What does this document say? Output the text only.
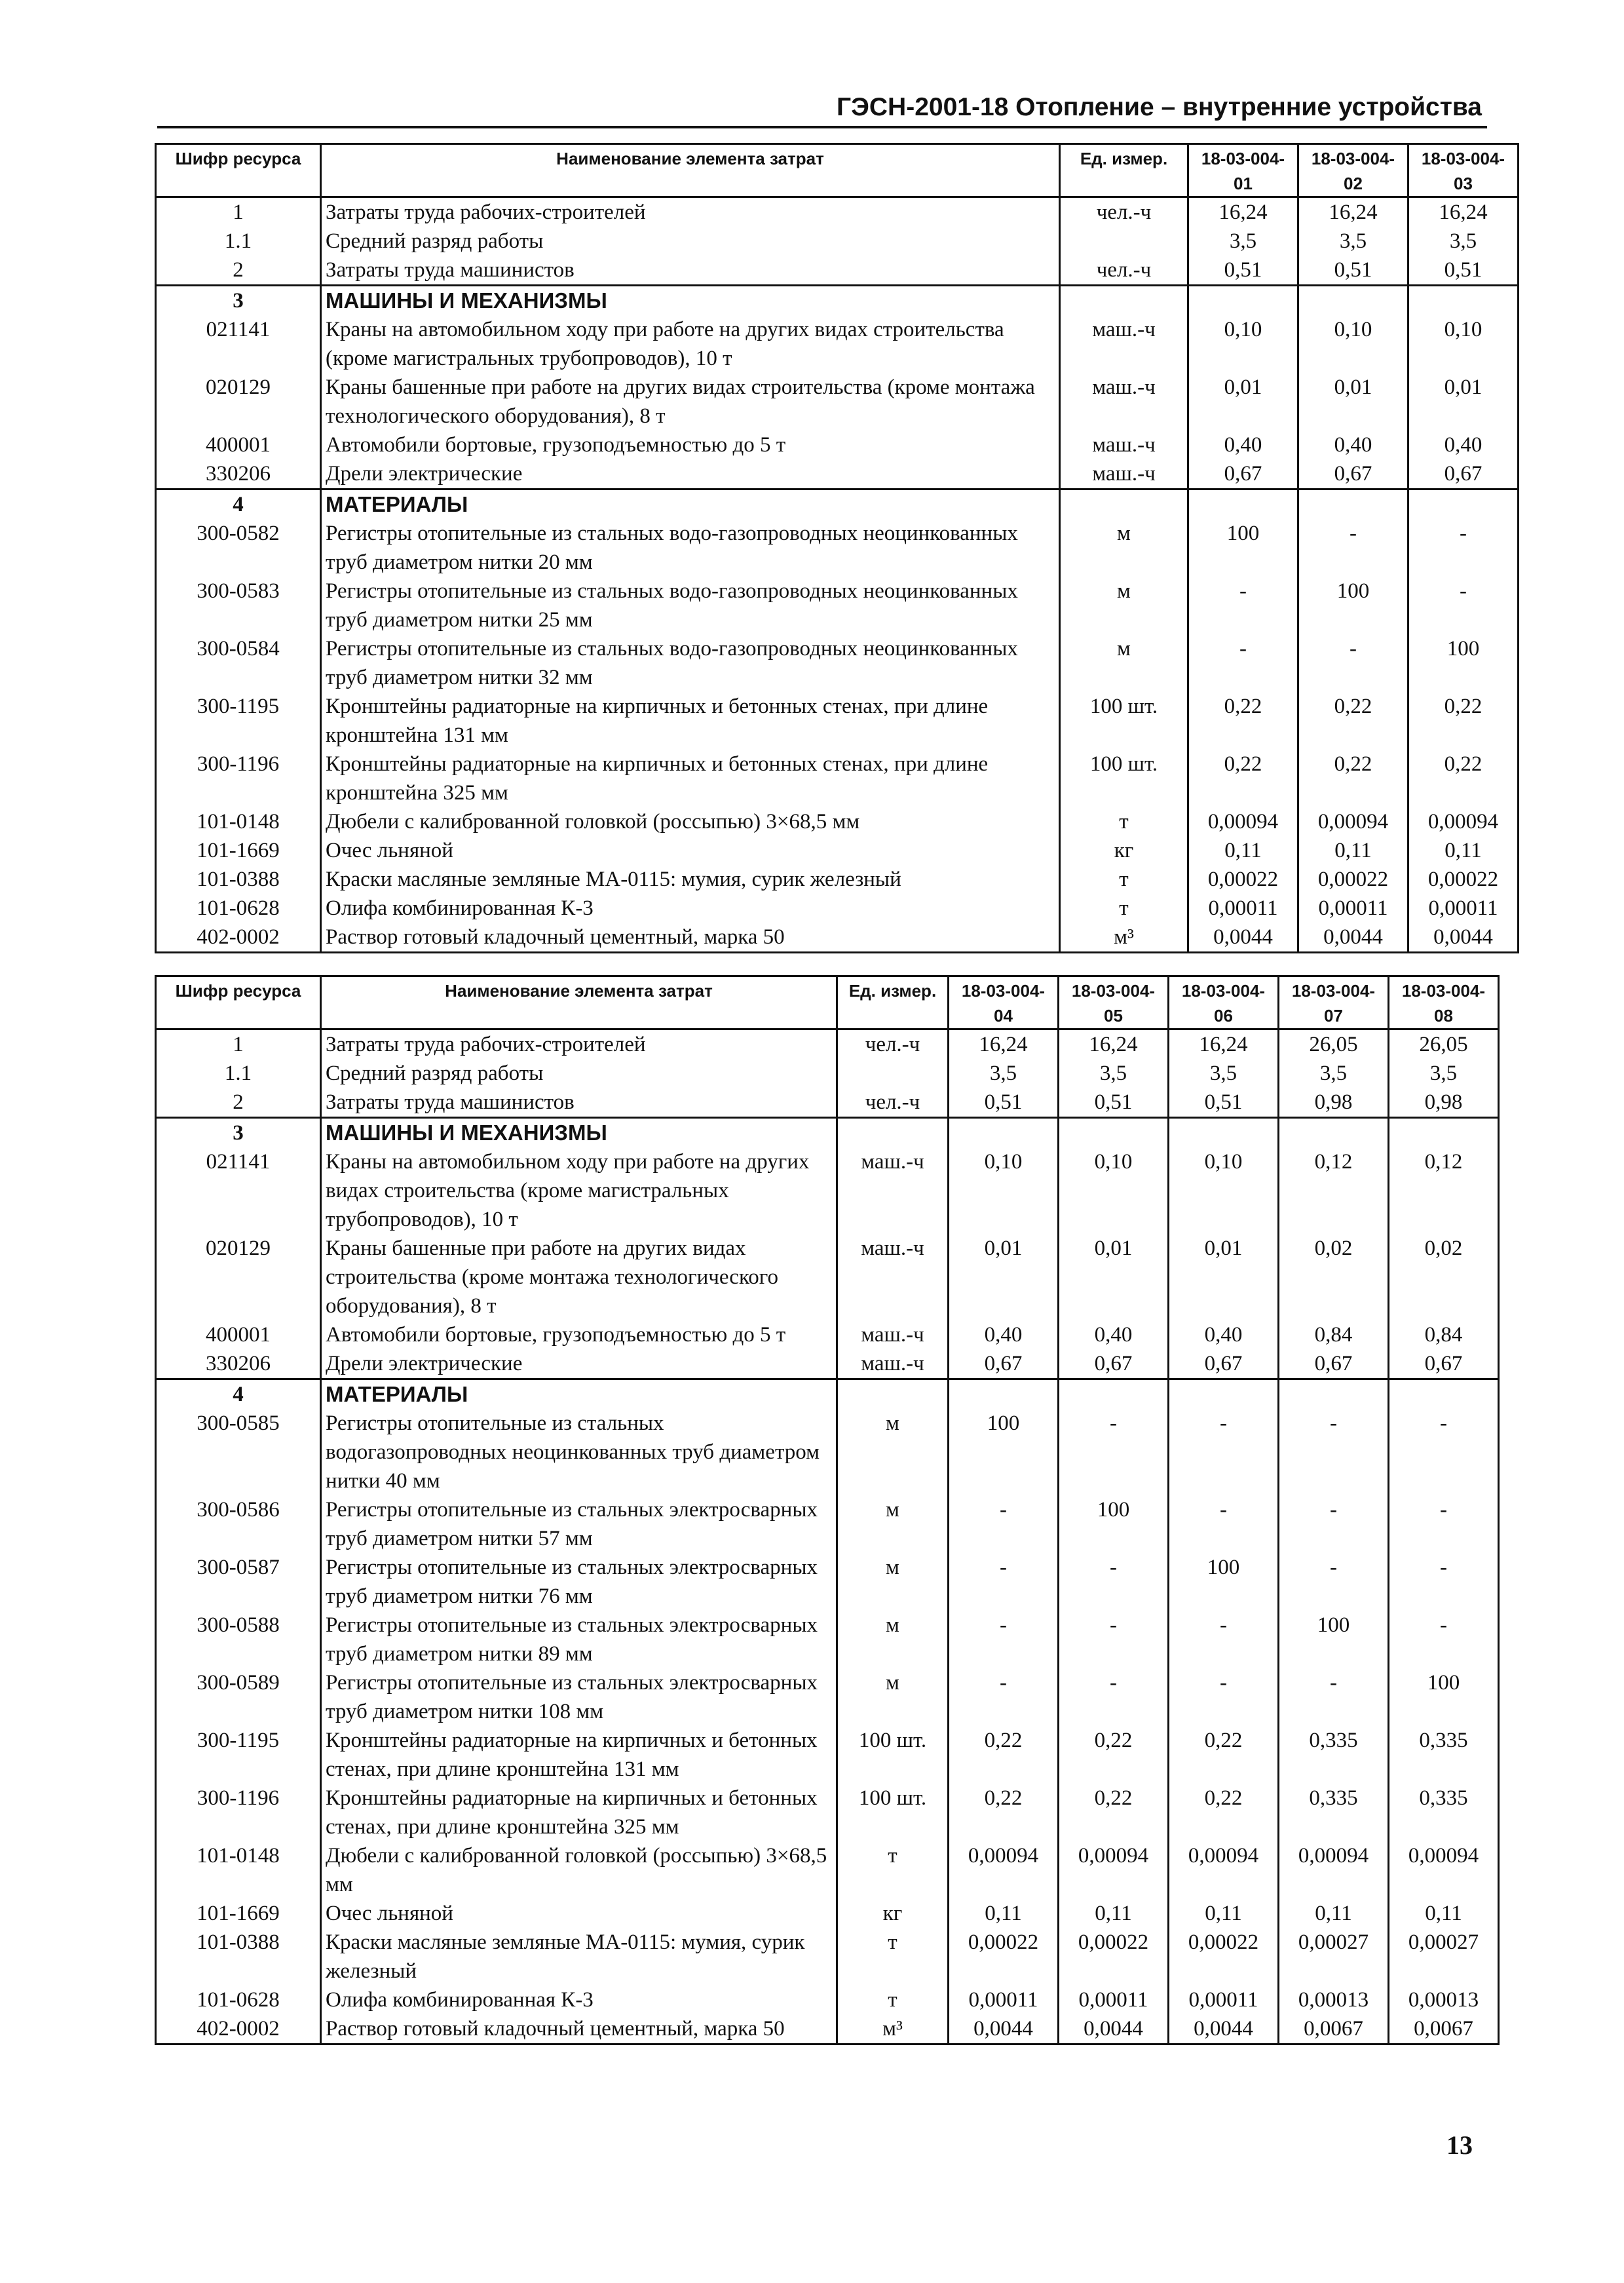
ГЭСН-2001-18 Отопление – внутренние устройства
Шифр ресурса	Наименование элемента затрат	Ед. измер.	18-03-004-01	18-03-004-02	18-03-004-03
1	Затраты труда рабочих-строителей	чел.-ч	16,24	16,24	16,24
1.1	Средний разряд работы		3,5	3,5	3,5
2	Затраты труда машинистов	чел.-ч	0,51	0,51	0,51
3	МАШИНЫ И МЕХАНИЗМЫ				
021141	Краны на автомобильном ходу при работе на других видах строительства (кроме магистральных трубопроводов), 10 т	маш.-ч	0,10	0,10	0,10
020129	Краны башенные при работе на других видах строительства (кроме монтажа технологического оборудования), 8 т	маш.-ч	0,01	0,01	0,01
400001	Автомобили бортовые, грузоподъемностью до 5 т	маш.-ч	0,40	0,40	0,40
330206	Дрели электрические	маш.-ч	0,67	0,67	0,67
4	МАТЕРИАЛЫ				
300-0582	Регистры отопительные из стальных водо-газопроводных неоцинкованных труб диаметром нитки 20 мм	м	100	-	-
300-0583	Регистры отопительные из стальных водо-газопроводных неоцинкованных труб диаметром нитки 25 мм	м	-	100	-
300-0584	Регистры отопительные из стальных водо-газопроводных неоцинкованных труб диаметром нитки 32 мм	м	-	-	100
300-1195	Кронштейны радиаторные на кирпичных и бетонных стенах, при длине кронштейна 131 мм	100 шт.	0,22	0,22	0,22
300-1196	Кронштейны радиаторные на кирпичных и бетонных стенах, при длине кронштейна 325 мм	100 шт.	0,22	0,22	0,22
101-0148	Дюбели с калиброванной головкой (россыпью) 3×68,5 мм	т	0,00094	0,00094	0,00094
101-1669	Очес льняной	кг	0,11	0,11	0,11
101-0388	Краски масляные земляные МА-0115: мумия, сурик железный	т	0,00022	0,00022	0,00022
101-0628	Олифа комбинированная К-3	т	0,00011	0,00011	0,00011
402-0002	Раствор готовый кладочный цементный, марка 50	м³	0,0044	0,0044	0,0044
Шифр ресурса	Наименование элемента затрат	Ед. измер.	18-03-004-04	18-03-004-05	18-03-004-06	18-03-004-07	18-03-004-08
1	Затраты труда рабочих-строителей	чел.-ч	16,24	16,24	16,24	26,05	26,05
1.1	Средний разряд работы		3,5	3,5	3,5	3,5	3,5
2	Затраты труда машинистов	чел.-ч	0,51	0,51	0,51	0,98	0,98
3	МАШИНЫ И МЕХАНИЗМЫ						
021141	Краны на автомобильном ходу при работе на других видах строительства (кроме магистральных трубопроводов), 10 т	маш.-ч	0,10	0,10	0,10	0,12	0,12
020129	Краны башенные при работе на других видах строительства (кроме монтажа технологического оборудования), 8 т	маш.-ч	0,01	0,01	0,01	0,02	0,02
400001	Автомобили бортовые, грузоподъемностью до 5 т	маш.-ч	0,40	0,40	0,40	0,84	0,84
330206	Дрели электрические	маш.-ч	0,67	0,67	0,67	0,67	0,67
4	МАТЕРИАЛЫ						
300-0585	Регистры отопительные из стальных водогазопроводных неоцинкованных труб диаметром нитки 40 мм	м	100	-	-	-	-
300-0586	Регистры отопительные из стальных электросварных труб диаметром нитки 57 мм	м	-	100	-	-	-
300-0587	Регистры отопительные из стальных электросварных труб диаметром нитки 76 мм	м	-	-	100	-	-
300-0588	Регистры отопительные из стальных электросварных труб диаметром нитки 89 мм	м	-	-	-	100	-
300-0589	Регистры отопительные из стальных электросварных труб диаметром нитки 108 мм	м	-	-	-	-	100
300-1195	Кронштейны радиаторные на кирпичных и бетонных стенах, при длине кронштейна 131 мм	100 шт.	0,22	0,22	0,22	0,335	0,335
300-1196	Кронштейны радиаторные на кирпичных и бетонных стенах, при длине кронштейна 325 мм	100 шт.	0,22	0,22	0,22	0,335	0,335
101-0148	Дюбели с калиброванной головкой (россыпью) 3×68,5 мм	т	0,00094	0,00094	0,00094	0,00094	0,00094
101-1669	Очес льняной	кг	0,11	0,11	0,11	0,11	0,11
101-0388	Краски масляные земляные МА-0115: мумия, сурик железный	т	0,00022	0,00022	0,00022	0,00027	0,00027
101-0628	Олифа комбинированная К-3	т	0,00011	0,00011	0,00011	0,00013	0,00013
402-0002	Раствор готовый кладочный цементный, марка 50	м³	0,0044	0,0044	0,0044	0,0067	0,0067
13
